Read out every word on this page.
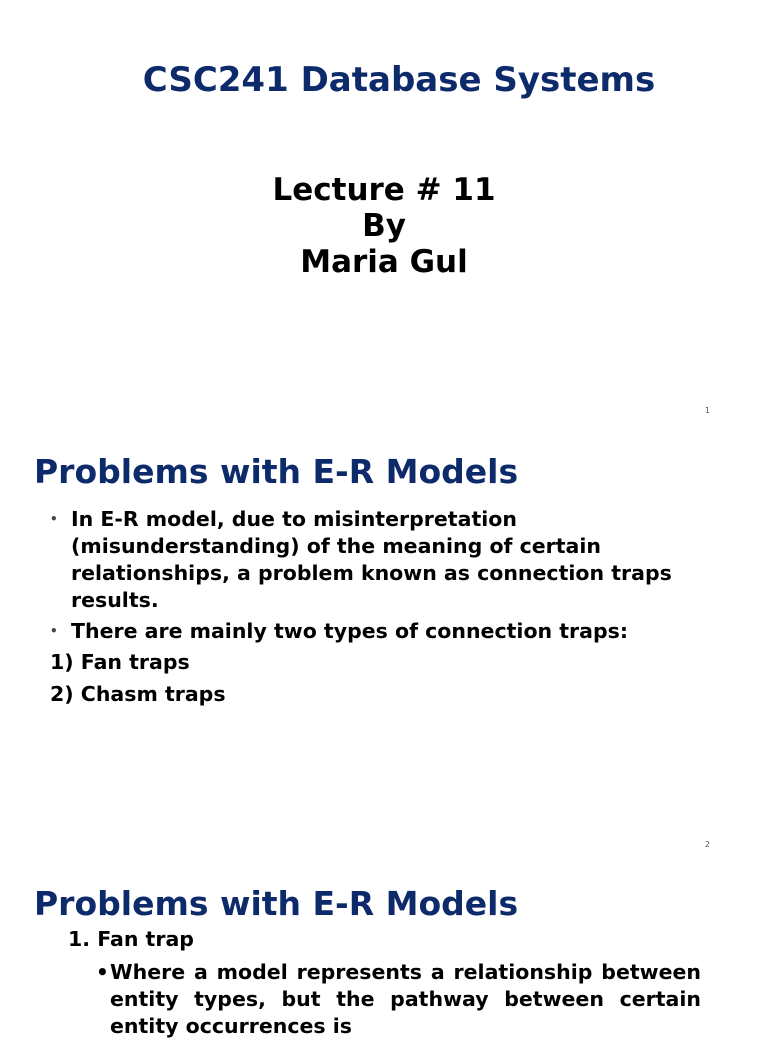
CSC241 Database Systems
Lecture # 11
By
Maria Gul
1
Problems with E-R Models
• In E-R model, due to misinterpretation (misunderstanding) of the meaning of certain relationships, a problem known as connection traps results.
• There are mainly two types of connection traps:
1) Fan traps
2) Chasm traps
2
Problems with E-R Models
1. Fan trap
• Where a model represents a relationship between entity types, but the pathway between certain entity occurrences is
